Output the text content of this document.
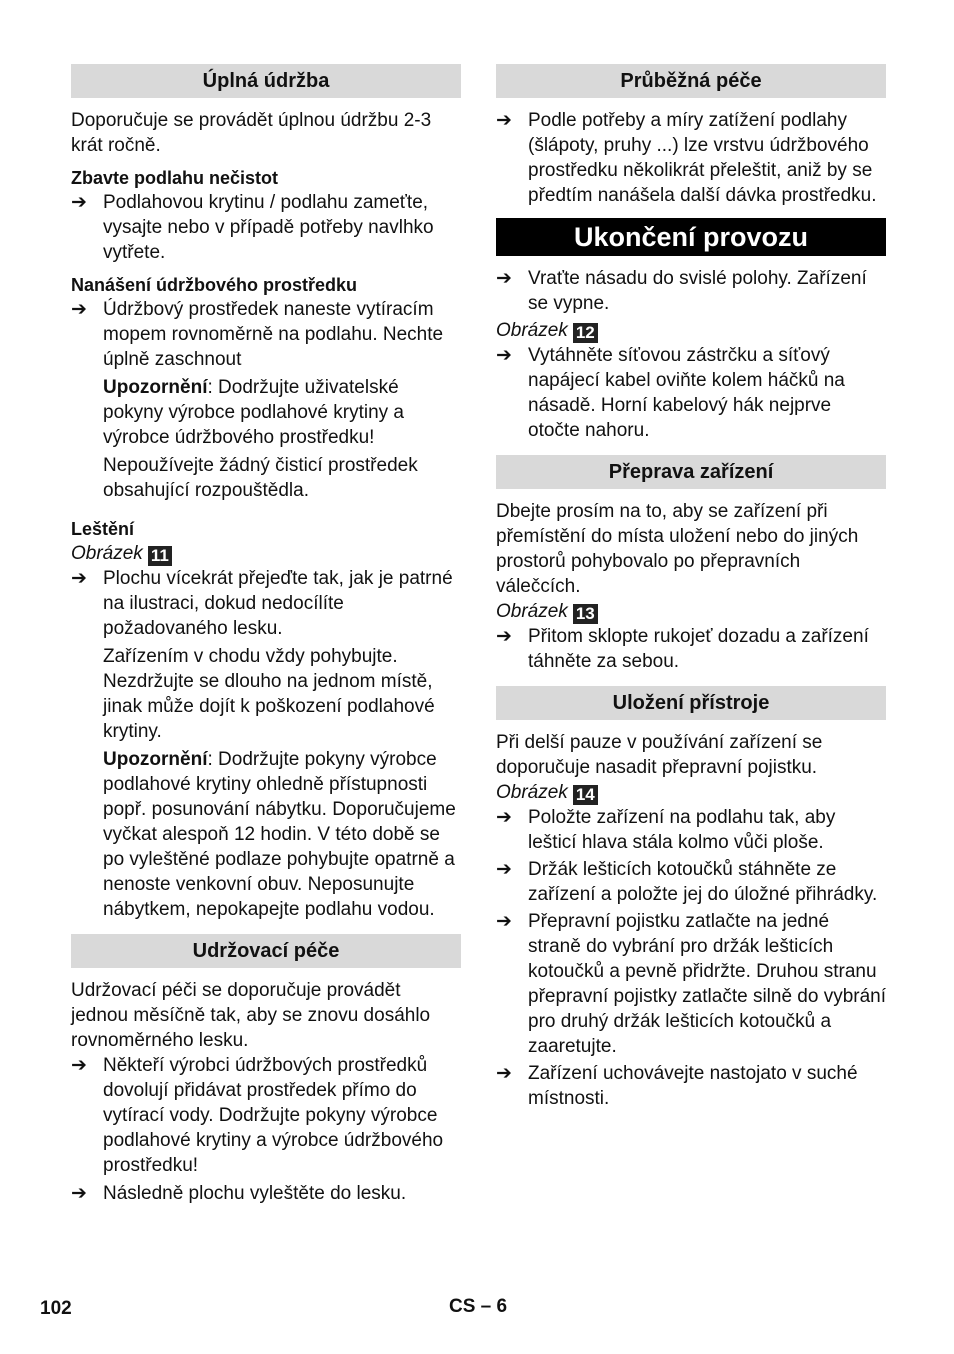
Úplná údržba

Doporučuje se provádět úplnou údržbu 2-3 krát ročně.

Zbavte podlahu nečistot

➔ Podlahovou krytinu / podlahu zameťte, vysajte nebo v případě potřeby navlhko vytřete.

Nanášení údržbového prostředku

➔ Údržbový prostředek naneste vytíracím mopem rovnoměrně na podlahu. Nechte úplně zaschnout

Upozornění: Dodržujte uživatelské pokyny výrobce podlahové krytiny a výrobce údržbového prostředku!

Nepoužívejte žádný čisticí prostředek obsahující rozpouštědla.

Leštění

Obrázek 11

➔ Plochu vícekrát přejeďte tak, jak je patrné na ilustraci, dokud nedocílíte požadovaného lesku.

Zařízením v chodu vždy pohybujte. Nezdržujte se dlouho na jednom místě, jinak může dojít k poškození podlahové krytiny.

Upozornění: Dodržujte pokyny výrobce podlahové krytiny ohledně přístupnosti popř. posunování nábytku. Doporučujeme vyčkat alespoň 12 hodin. V této době se po vyleštěné podlaze pohybujte opatrně a nenoste venkovní obuv. Neposunujte nábytkem, nepokapejte podlahu vodou.

Udržovací péče

Udržovací péči se doporučuje provádět jednou měsíčně tak, aby se znovu dosáhlo rovnoměrného lesku.

➔ Někteří výrobci údržbových prostředků dovolují přidávat prostředek přímo do vytírací vody. Dodržujte pokyny výrobce podlahové krytiny a výrobce údržbového prostředku!

➔ Následně plochu vyleštěte do lesku.

Průběžná péče
➔ Podle potřeby a míry zatížení podlahy (šlápoty, pruhy ...) lze vrstvu údržbového prostředku několikrát přeleštit, aniž by se předtím nanášela další dávka prostředku.

Ukončení provozu
➔ Vraťte násadu do svislé polohy. Zařízení se vypne.

Obrázek 12

➔ Vytáhněte síťovou zástrčku a síťový napájecí kabel oviňte kolem háčků na násadě. Horní kabelový hák nejprve otočte nahoru.

Přeprava zařízení

Dbejte prosím na to, aby se zařízení při přemístění do místa uložení nebo do jiných prostorů pohybovalo po přepravních válečcích.

Obrázek 13

➔ Přitom sklopte rukojeť dozadu a zařízení táhněte za sebou.

Uložení přístroje

Při delší pauze v používání zařízení se doporučuje nasadit přepravní pojistku.

Obrázek 14

➔ Položte zařízení na podlahu tak, aby lešticí hlava stála kolmo vůči ploše.

➔ Držák lešticích kotoučků stáhněte ze zařízení a položte jej do úložné přihrádky.

➔ Přepravní pojistku zatlačte na jedné straně do vybrání pro držák lešticích kotoučků a pevně přidržte. Druhou stranu přepravní pojistky zatlačte silně do vybrání pro druhý držák lešticích kotoučků a zaaretujte.

➔ Zařízení uchovávejte nastojato v suché místnosti.

102	CS – 6
